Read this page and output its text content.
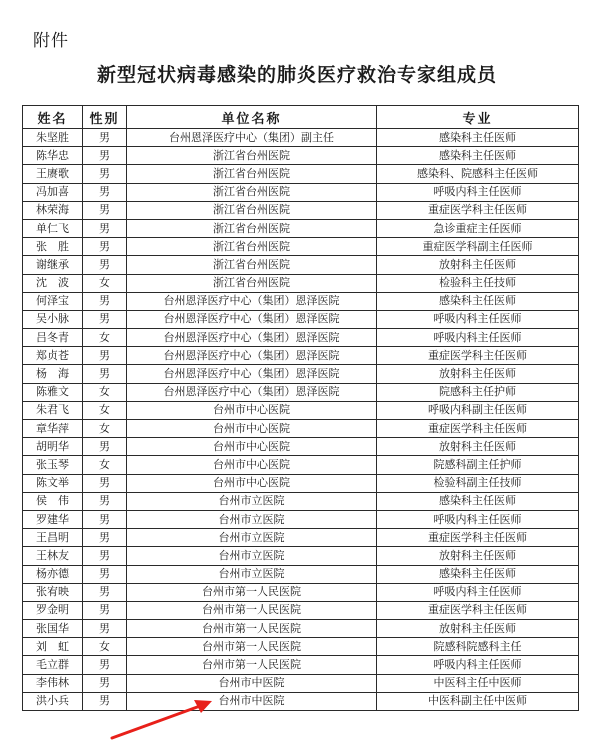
附件
新型冠状病毒感染的肺炎医疗救治专家组成员
姓名	性别	单位名称	专业
朱坚胜	男	台州恩泽医疗中心（集团）副主任	感染科主任医师
陈华忠	男	浙江省台州医院	感染科主任医师
王赓歌	男	浙江省台州医院	感染科、院感科主任医师
冯加喜	男	浙江省台州医院	呼吸内科主任医师
林荣海	男	浙江省台州医院	重症医学科主任医师
单仁飞	男	浙江省台州医院	急诊重症主任医师
张　胜	男	浙江省台州医院	重症医学科副主任医师
谢继承	男	浙江省台州医院	放射科主任医师
沈　波	女	浙江省台州医院	检验科主任技师
何泽宝	男	台州恩泽医疗中心（集团）恩泽医院	感染科主任医师
吴小脉	男	台州恩泽医疗中心（集团）恩泽医院	呼吸内科主任医师
吕冬青	女	台州恩泽医疗中心（集团）恩泽医院	呼吸内科主任医师
郑贞苍	男	台州恩泽医疗中心（集团）恩泽医院	重症医学科主任医师
杨　海	男	台州恩泽医疗中心（集团）恩泽医院	放射科主任医师
陈雅文	女	台州恩泽医疗中心（集团）恩泽医院	院感科主任护师
朱君飞	女	台州市中心医院	呼吸内科副主任医师
章华萍	女	台州市中心医院	重症医学科主任医师
胡明华	男	台州市中心医院	放射科主任医师
张玉琴	女	台州市中心医院	院感科副主任护师
陈文举	男	台州市中心医院	检验科副主任技师
侯　伟	男	台州市立医院	感染科主任医师
罗建华	男	台州市立医院	呼吸内科主任医师
王昌明	男	台州市立医院	重症医学科主任医师
王林友	男	台州市立医院	放射科主任医师
杨亦德	男	台州市立医院	感染科主任医师
张宥映	男	台州市第一人民医院	呼吸内科主任医师
罗金明	男	台州市第一人民医院	重症医学科主任医师
张国华	男	台州市第一人民医院	放射科主任医师
刘　虹	女	台州市第一人民医院	院感科院感科主任
毛立群	男	台州市第一人民医院	呼吸内科主任医师
李伟林	男	台州市中医院	中医科主任中医师
洪小兵	男	台州市中医院	中医科副主任中医师
